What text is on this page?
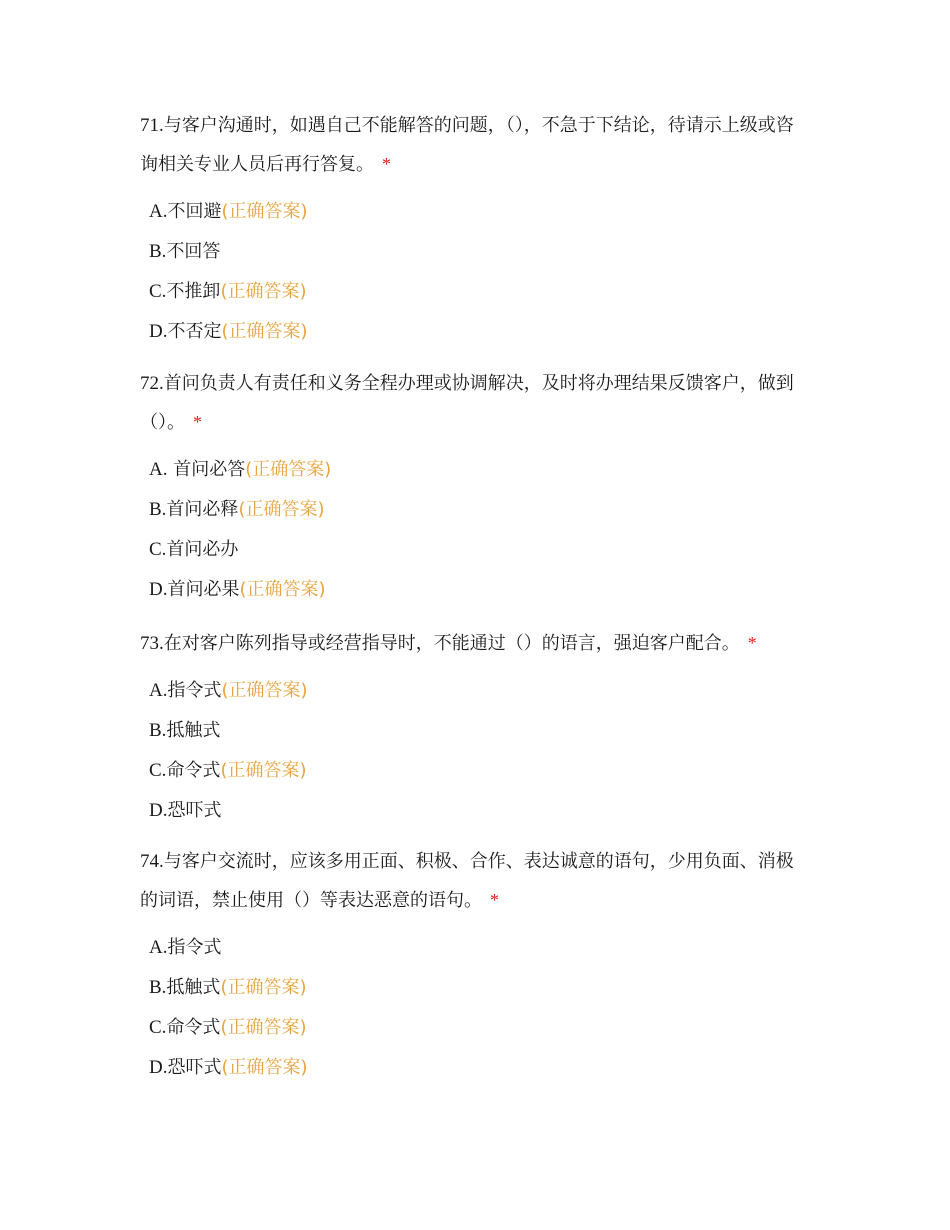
71.与客户沟通时，如遇自己不能解答的问题，（），不急于下结论，待请示上级或咨询相关专业人员后再行答复。 *

A.不回避(正确答案)
B.不回答
C.不推卸(正确答案)
D.不否定(正确答案)

72.首问负责人有责任和义务全程办理或协调解决，及时将办理结果反馈客户，做到（）。 *

A. 首问必答(正确答案)
B.首问必释(正确答案)
C.首问必办
D.首问必果(正确答案)

73.在对客户陈列指导或经营指导时，不能通过（）的语言，强迫客户配合。 *

A.指令式(正确答案)
B.抵触式
C.命令式(正确答案)
D.恐吓式

74.与客户交流时，应该多用正面、积极、合作、表达诚意的语句，少用负面、消极的词语，禁止使用（）等表达恶意的语句。 *

A.指令式
B.抵触式(正确答案)
C.命令式(正确答案)
D.恐吓式(正确答案)
